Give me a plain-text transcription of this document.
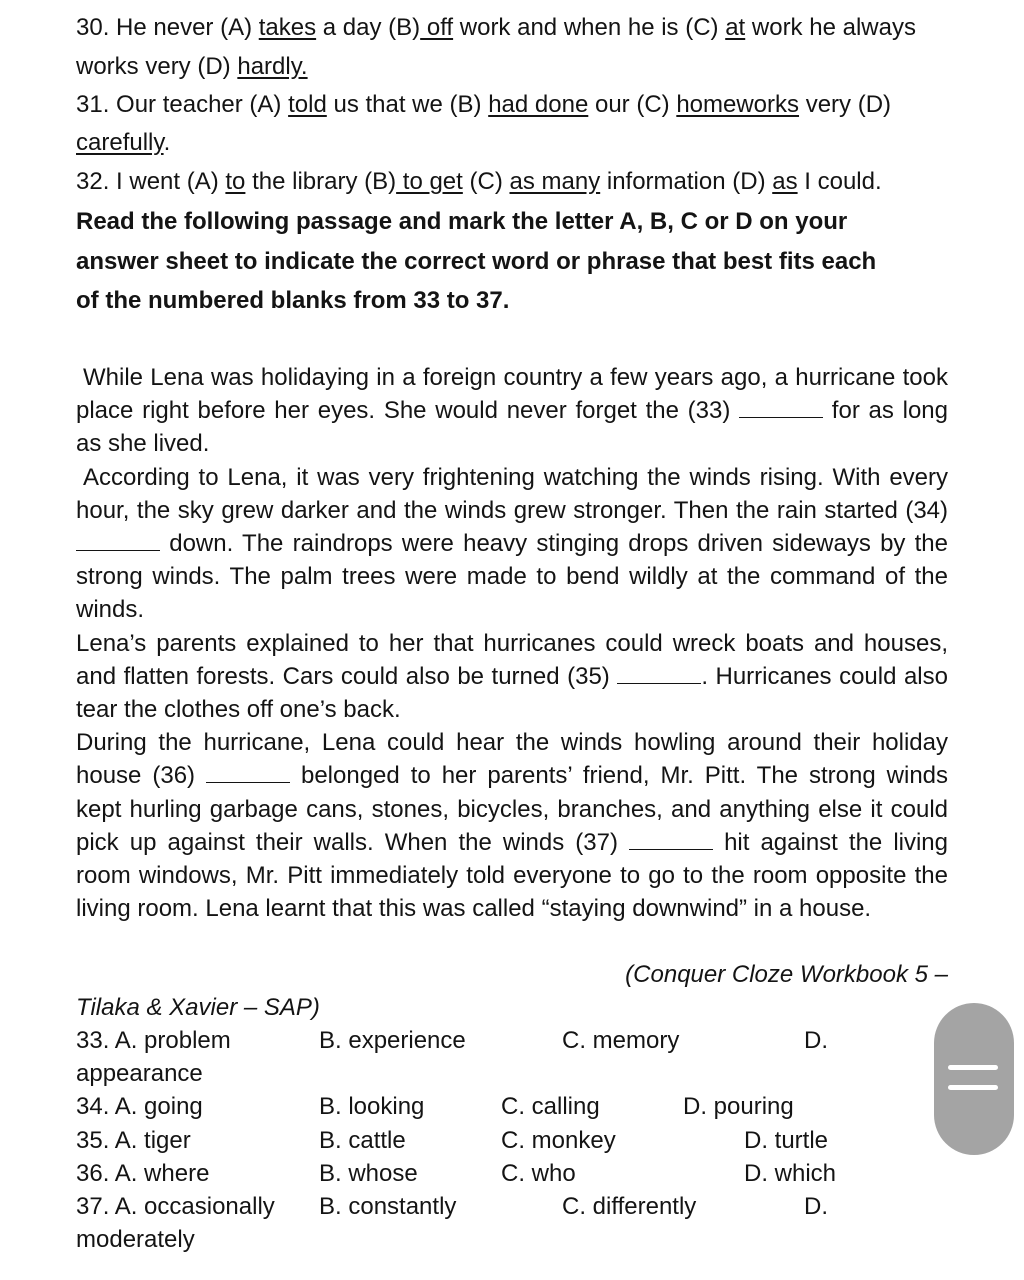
30. He never (A) takes a day (B) off work and when he is (C) at work he always
works very (D) hardly.
31. Our teacher (A) told us that we (B) had done our (C) homeworks very (D)
carefully.
32. I went (A) to the library (B) to get (C) as many information (D) as I could.
Read the following passage and mark the letter A, B, C or D on your
answer sheet to indicate the correct word or phrase that best fits each
of the numbered blanks from 33 to 37.

While Lena was holidaying in a foreign country a few years ago, a hurricane took place right before her eyes. She would never forget the (33)	for as long as she lived.

According to Lena, it was very frightening watching the winds rising. With every hour, the sky grew darker and the winds grew stronger. Then the rain started (34)  down. The raindrops were heavy stinging drops driven sideways by the strong winds. The palm trees were made to bend wildly at the command of the winds.

Lena’s parents explained to her that hurricanes could wreck boats and houses, and flatten forests. Cars could also be turned (35)	. Hurricanes could also tear the clothes off one’s back.

During the hurricane, Lena could hear the winds howling around their holiday house (36)	belonged to her parents’ friend, Mr. Pitt. The strong winds kept hurling garbage cans, stones, bicycles, branches, and anything else it could pick up against their walls. When the winds (37)	hit against the living room windows, Mr. Pitt immediately told everyone to go to the room opposite the living room. Lena learnt that this was called “staying downwind” in a house.

(Conquer Cloze Workbook 5 –
Tilaka & Xavier – SAP)
33. A. problem	B. experience	C. memory	D.
appearance
34. A. going	B. looking	C. calling	D. pouring
35. A. tiger	B. cattle	C. monkey	D. turtle
36. A. where	B. whose	C. who	D. which
37. A. occasionally B. constantly	C. differently	D.
moderately
